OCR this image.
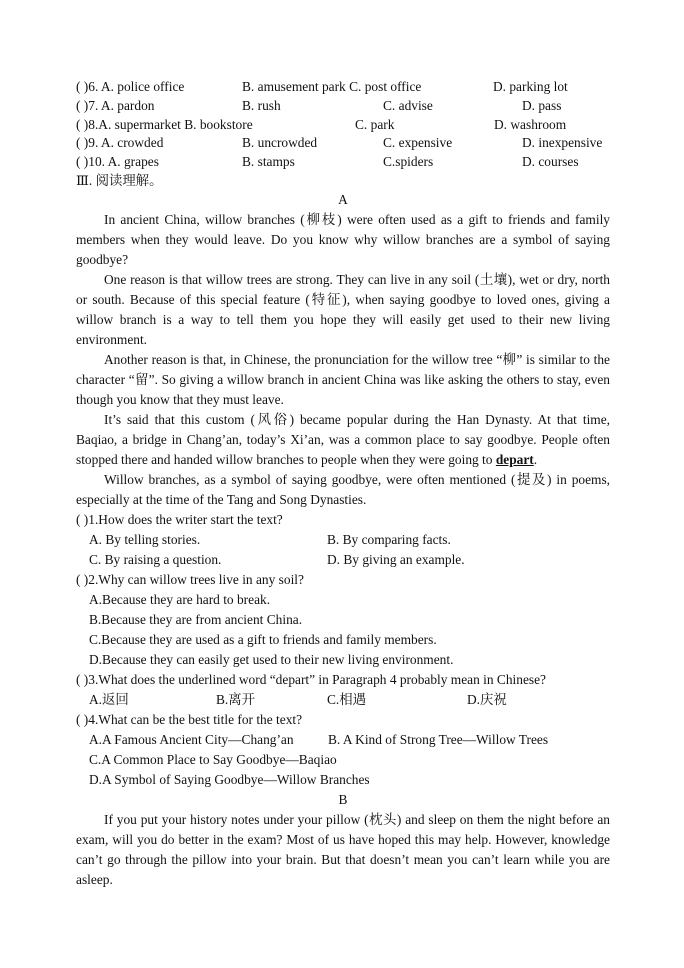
( )6. A. police office	B. amusement park C. post office	D. parking lot
( )7. A. pardon	B. rush	C. advise	D. pass
( )8.A. supermarket B. bookstore	C. park	D. washroom
( )9. A. crowded	B. uncrowded	C. expensive	D. inexpensive
( )10. A. grapes	B. stamps	C.spiders	D. courses
Ⅲ. 阅读理解。
A

In ancient China, willow branches (柳枝) were often used as a gift to friends and family members when they would leave. Do you know why willow branches are a symbol of saying goodbye?

One reason is that willow trees are strong. They can live in any soil (土壤), wet or dry, north or south. Because of this special feature (特征), when saying goodbye to loved ones, giving a willow branch is a way to tell them you hope they will easily get used to their new living environment.

Another reason is that, in Chinese, the pronunciation for the willow tree “柳” is similar to the character “留”. So giving a willow branch in ancient China was like asking the others to stay, even though you know that they must leave.

It’s said that this custom (风俗) became popular during the Han Dynasty. At that time, Baqiao, a bridge in Chang’an, today’s Xi’an, was a common place to say goodbye. People often stopped there and handed willow branches to people when they were going to depart.

Willow branches, as a symbol of saying goodbye, were often mentioned (提及) in poems, especially at the time of the Tang and Song Dynasties.

( )1.How does the writer start the text?
A. By telling stories.	B. By comparing facts.
C. By raising a question.	D. By giving an example.
( )2.Why can willow trees live in any soil?
A.Because they are hard to break.
B.Because they are from ancient China.
C.Because they are used as a gift to friends and family members.
D.Because they can easily get used to their new living environment.
( )3.What does the underlined word “depart” in Paragraph 4 probably mean in Chinese?
A.返回	B.离开	C.相遇	D.庆祝
( )4.What can be the best title for the text?
A.A Famous Ancient City—Chang’an	B. A Kind of Strong Tree—Willow Trees
C.A Common Place to Say Goodbye—Baqiao
D.A Symbol of Saying Goodbye—Willow Branches
B

If you put your history notes under your pillow (枕头) and sleep on them the night before an exam, will you do better in the exam? Most of us have hoped this may help. However, knowledge can’t go through the pillow into your brain. But that doesn’t mean you can’t learn while you are asleep.
